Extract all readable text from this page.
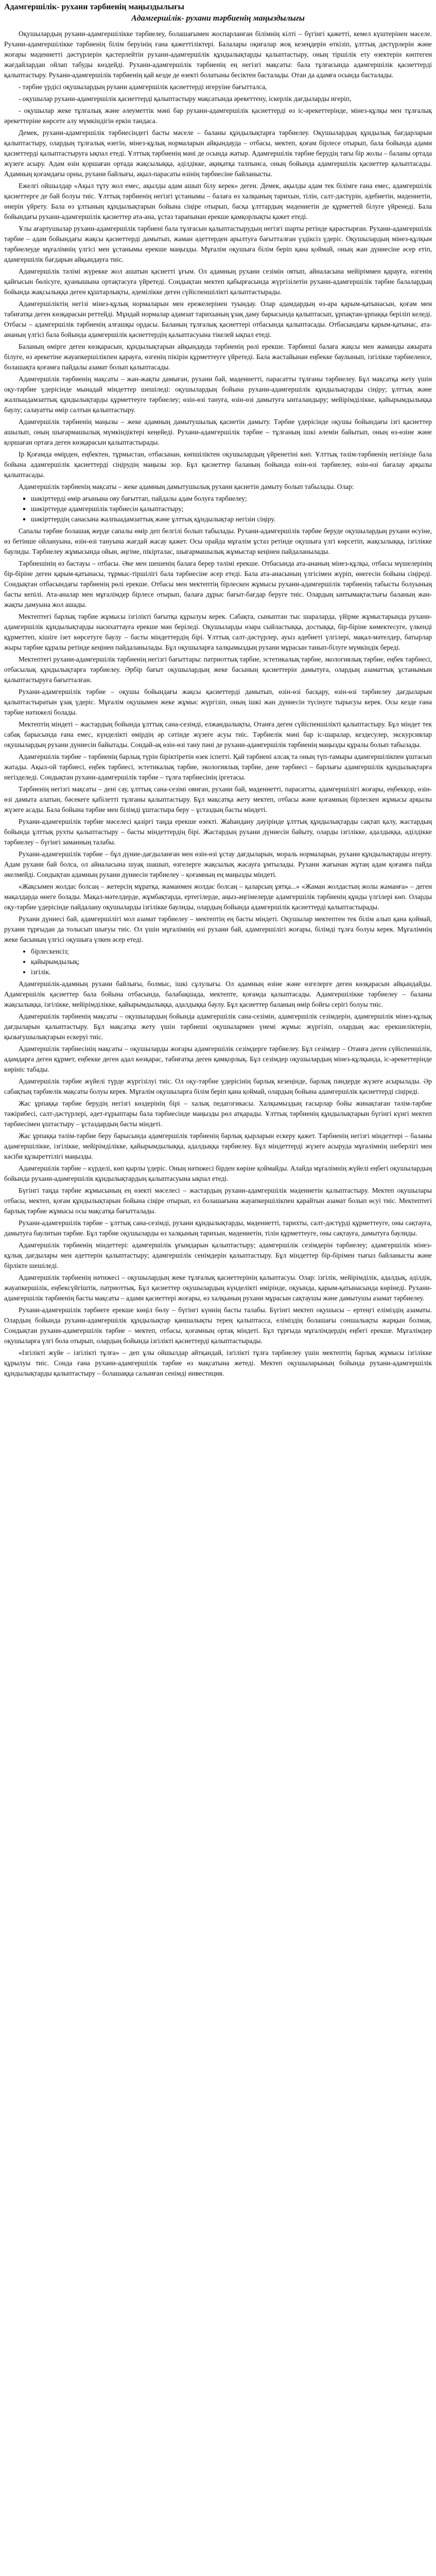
Адамгершілік- рухани тәрбиенің маңыздылығы
Адамгершілік- рухани тәрбиенің маңыздылығы

Оқушылардың рухани-адамгершілікке тәрбиелеу, болашағымен жоспарланған білімнің кілті – бүгінгі қажетті, кемел күштерінен мәселе. Рухани-адамгершілікке тәрбиенің білім беруінің ғана қажеттіліктері. Балалары оқиғалар жоқ кезеңдерін өткізіп, ұлттық дәстүрлерін және жоғары мәдениетті дәстүрлерін қастерлейтін рухани-адамгершілік құндылықтарды қалыптастыру, оның тіршілік ету өзектерін көптеген жағдайлардан ойлап табуды көздейді. Рухани-адамгершілік тәрбиенің ең негізгі мақсаты: бала тұлғасында адамгершілік қасиеттерді қалыптастыру. Рухани-адамгершілік тәрбиенің қай кезде де өзекті болатыны бесіктен басталады. Отан да адамға осында басталады.

- тәрбие үрдісі оқушылардың рухани адамгершілік қасиеттерді игеруіне бағытталса,

- оқушылар рухани-адамгершілік қасиеттерді қалыптастыру мақсатында әрекеттену, іскерлік дағдыларды игеріп,

- оқушылар жеке тұлғалық және әлеуметтік мәні бар рухани-адамгершілік қасиеттерді өз іс-әрекеттерінде, мінез-құлқы мен тұлғалық әрекеттеріне көрсете алу мүмкіндігін еркін тандаса.

Демек, рухани-адамгершілік тәрбиесіндегі басты мәселе – баланы құндылықтарға тәрбиелеу. Оқушылардың құндылық бағдарларын қалыптастыру, олардың тұлғалық өзегін, мінез-құлық нормаларын айқындауда – отбасы, мектеп, қоғам бірлесе отырып, бала бойында адами қасиеттерді қалыптастыруға ықпал етеді. Ұлттық тәрбиенің мәні де осында жатыр. Адамгершілік тәрбие берудің тағы бір жолы – баланы ортада жүзеге асыру. Адам өзін қоршаған ортада жақсылыққа, әділдікке, ақиқатқа талпынса, оның бойында адамгершілік қасиеттер қалыптасады. Адамның қоғамдағы орны, рухани байлығы, ақыл-парасаты өзінің тәрбиесіне байланысты.

Ежелгі ойшылдар «Ақыл тұту жол емес, ақылды адам ашып білу керек» деген. Демек, ақылды адам тек білімге ғана емес, адамгершілік қасиеттерге де бай болуы тиіс. Ұлттық тәрбиенің негізгі ұстанымы – балаға өз халқының тарихын, тілін, салт-дәстүрін, әдебиетін, мәдениетін, өнерін үйрету. Бала өз ұлтының құндылықтарын бойына сіңіре отырып, басқа ұлттардың мәдениетін де құрметтей білуге үйренеді. Бала бойындағы рухани-адамгершілік қасиеттер ата-ана, ұстаз тарапынан ерекше қамқорлықты қажет етеді.

Ұлы ағартушылар рухани-адамгершілік тәрбиені бала тұлғасын қалыптастырудың негізгі шарты ретінде қарастырған. Рухани-адамгершілік тәрбие – адам бойындағы жақсы қасиеттерді дамытып, жаман әдеттерден арылтуға бағытталған үздіксіз үдеріс. Оқушылардың мінез-құлқын тәрбиелеуде мұғалімнің үлгісі мен ұстанымы ерекше маңызды. Мұғалім оқушыға білім беріп қана қоймай, оның жан дүниесіне әсер етіп, адамгершілік бағдарын айқындауға тиіс.

Адамгершілік тәлімі жүрекке жол ашатын қасиетті ұғым. Ол адамның рухани сезімін оятып, айналасына мейіріммен қарауға, өзгенің қайғысын бөлісуге, қуанышына ортақтасуға үйретеді. Сондықтан мектеп қабырғасында жүргізілетін рухани-адамгершілік тәрбие балалардың бойында жақсылыққа деген құштарлықты, әдемілікке деген сүйіспеншілікті қалыптастырады.

Адамгершіліктің негізі мінез-құлық нормаларын мен ережелерінен туындау. Олар адамдардың өз-ара қарым-қатынасын, қоғам мен табиғатқа деген көзқарасын реттейді. Мұндай нормалар адамзат тарихының ұзақ даму барысында қалыптасып, ұрпақтан-ұрпаққа беріліп келеді. Отбасы – адамгершілік тәрбиенің алғашқы ордасы. Баланың тұлғалық қасиеттері отбасында қалыптасады. Отбасындағы қарым-қатынас, ата-ананың үлгісі бала бойында адамгершілік қасиеттердің қалыптасуына тікелей ықпал етеді.

Баланың өмірге деген көзқарасын, құндылықтарын айқындауда тәрбиенің рөлі ерекше. Тәрбиеші балаға жақсы мен жаманды ажырата білуге, өз әрекетіне жауапкершілікпен қарауға, өзгенің пікірін құрметтеуге үйретеді. Бала жастайынан еңбекке баулынып, ізгілікке тәрбиеленсе, болашақта қоғамға пайдалы азамат болып қалыптасады.

Адамгершілік тәрбиенің мақсаты – жан-жақты дамыған, рухани бай, мәдениетті, парасатты тұлғаны тәрбиелеу. Бұл мақсатқа жету үшін оқу-тәрбие үдерісінде мынадай міндеттер шешіледі: оқушылардың бойына рухани-адамгершілік құндылықтарды сіңіру; ұлттық және жалпыадамзаттық құндылықтарды құрметтеуге тәрбиелеу; өзін-өзі тануға, өзін-өзі дамытуға ынталандыру; мейірімділікке, қайырымдылыққа баулу; салауатты өмір салтын қалыптастыру.

Адамгершілік тәрбиенің маңызы – жеке адамның дамытушылық қасиетін дамыту. Тәрбие үдерісінде оқушы бойындағы ізгі қасиеттер ашылып, оның шығармашылық мүмкіндіктері кеңейеді. Рухани-адамгершілік тәрбие – тұлғаның ішкі әлемін байытып, оның өз-өзіне және қоршаған ортаға деген көзқарасын қалыптастырады.

Ір Қоғамда өмірден, еңбектен, тұрмыстан, отбасынан, көпшіліктен оқушылардың үйренетіні көп. Ұлттық тәлім-тәрбиенің негізінде бала бойына адамгершілік қасиеттерді сіңірудің маңызы зор. Бұл қасиеттер баланың бойында өзін-өзі тәрбиелеу, өзін-өзі бағалау арқылы қалыптасады.

Адамгершілік тәрбиенің мақсаты – жеке адамның дамытушылық рухани қасиетін дамыту болып табылады. Олар:

▪ шәкірттерді өмір ағынына ояу бағыттап, пайдалы адам болуға тәрбиелеу;
▪ шәкірттерде адамгершілік тәрбиесін қалыптастыру;
▪ шәкірттердің санасына жалпыадамзаттық және ұлттық құндылықтар негізін сіңіру.

Сапалы тәрбие болашақ жерде сапалы өмір деп белгілі болып табылады. Рухани-адамгершілік тәрбие беруде оқушылардың рухани өсуіне, өз бетінше ойлануына, өзін-өзі тануына жағдай жасау қажет. Осы орайда мұғалім ұстаз ретінде оқушыға үлгі көрсетіп, жақсылыққа, ізгілікке баулиды. Тәрбиелеу жұмысында ойын, әңгіме, пікірталас, шығармашылық жұмыстар кеңінен пайдаланылады.

Тәрбиешінің өз бастауы – отбасы. Әке мен шешенің балаға берер тәлімі ерекше. Отбасында ата-ананың мінез-құлқы, отбасы мүшелерінің бір-біріне деген қарым-қатынасы, тұрмыс-тіршілігі бала тәрбиесіне әсер етеді. Бала ата-анасының үлгісімен жүріп, өнегесін бойына сіңіреді. Сондықтан отбасындағы тәрбиенің рөлі ерекше. Отбасы мен мектептің бірлескен жұмысы рухани-адамгершілік тәрбиенің табысты болуының басты кепілі. Ата-аналар мен мұғалімдер бірлесе отырып, балаға дұрыс бағыт-бағдар беруге тиіс. Олардың ынтымақтастығы баланың жан-жақты дамуына жол ашады.

Мектептегі барлық тәрбие жұмысы ізгілікті бағытқа құрылуы керек. Сабақта, сыныптан тыс шараларда, үйірме жұмыстарында рухани-адамгершілік құндылықтарды насихаттауға ерекше мән беріледі. Оқушыларды өзара сыйластыққа, достыққа, бір-біріне көмектесуге, үлкенді құрметтеп, кішіге ізет көрсетуге баулу – басты міндеттердің бірі. Ұлттық салт-дәстүрлер, ауыз әдебиеті үлгілері, мақал-мәтелдер, батырлар жыры тәрбие құралы ретінде кеңінен пайдаланылады. Бұл оқушыларға халқымыздың рухани мұрасын танып-білуге мүмкіндік береді.

Мектептегі рухани-адамгершілік тәрбиенің негізгі бағыттары: патриоттық тәрбие, эстетикалық тәрбие, экологиялық тәрбие, еңбек тәрбиесі, отбасылық құндылықтарға тәрбиелеу. Әрбір бағыт оқушылардың жеке басының қасиеттерін дамытуға, олардың азаматтық ұстанымын қалыптастыруға бағытталған.

Рухани-адамгершілік тәрбие – оқушы бойындағы жақсы қасиеттерді дамытып, өзін-өзі басқару, өзін-өзі тәрбиелеу дағдыларын қалыптастыратын ұзақ үдеріс. Мұғалім оқушымен жеке жұмыс жүргізіп, оның ішкі жан дүниесін түсінуге тырысуы керек. Осы кезде ғана тәрбие нәтижелі болады.

Мектептің міндеті – жастардың бойында ұлттық сана-сезімді, елжандылықты, Отанға деген сүйіспеншілікті қалыптастыру. Бұл міндет тек сабақ барысында ғана емес, күнделікті өмірдің әр сәтінде жүзеге асуы тиіс. Тәрбиелік мәні бар іс-шаралар, кездесулер, экскурсиялар оқушылардың рухани дүниесін байытады. Сондай-ақ өзін-өзі тану пәні де рухани-адамгершілік тәрбиенің маңызды құралы болып табылады.

Адамгершілік тәрбие – тәрбиенің барлық түрін біріктіретін өзек іспетті. Қай тәрбиені алсақ та оның түп-тамыры адамгершілікпен ұштасып жатады. Ақыл-ой тәрбиесі, еңбек тәрбиесі, эстетикалық тәрбие, экологиялық тәрбие, дене тәрбиесі – барлығы адамгершілік құндылықтарға негізделеді. Сондықтан рухани-адамгершілік тәрбие – тұлға тәрбиесінің іргетасы.

Тәрбиенің негізгі мақсаты – дені сау, ұлттық сана-сезімі оянған, рухани бай, мәдениетті, парасатты, адамгершілігі жоғары, еңбекқор, өзін-өзі дамыта алатын, бәсекеге қабілетті тұлғаны қалыптастыру. Бұл мақсатқа жету мектеп, отбасы және қоғамның бірлескен жұмысы арқылы жүзеге асады. Бала бойына тәрбие мен білімді ұштастыра беру – ұстаздың басты міндеті.

Рухани-адамгершілік тәрбие мәселесі қазіргі таңда ерекше өзекті. Жаһандану дәуірінде ұлттық құндылықтарды сақтап қалу, жастардың бойында ұлттық рухты қалыптастыру – басты міндеттердің бірі. Жастардың рухани дүниесін байыту, оларды ізгілікке, адалдыққа, әділдікке тәрбиелеу – бүгінгі заманның талабы.

Рухани-адамгершілік тәрбие – бұл дүние-дағдыланған мен өзін-өзі ұстау дағдыларын, мораль нормаларын, рухани құндылықтарды игерту. Адам рухани бай болса, ол айналасына шуақ шашып, өзгелерге жақсылық жасауға ұмтылады. Рухани жағынан жұтаң адам қоғамға пайда әкелмейді. Сондықтан адамның рухани дүниесін тәрбиелеу – қоғамның ең маңызды міндеті.

«Жақсымен жолдас болсаң – жетерсің мұратқа, жаманмен жолдас болсаң – қаларсың ұятқа...» «Жаман жолдастың жолы жаманға» – деген мақалдарда өнеге болады. Мақал-мәтелдерде, жұмбақтарда, ертегілерде, аңыз-әңгімелерде адамгершілік тәрбиенің құнды үлгілері көп. Оларды оқу-тәрбие үдерісінде пайдалану оқушыларды ізгілікке баулиды, олардың бойында адамгершілік қасиеттерді қалыптастырады.

Рухани дүниесі бай, адамгершілігі мол азамат тәрбиелеу – мектептің ең басты міндеті. Оқушылар мектептен тек білім алып қана қоймай, рухани тұрғыдан да толысып шығуы тиіс. Ол үшін мұғалімнің өзі рухани бай, адамгершілігі жоғары, білімді тұлға болуы керек. Мұғалімнің жеке басының үлгісі оқушыға үлкен әсер етеді.

• бірлескенсіз;
• қайырымдылық;
• ізгілік.

Адамгершілік-адамның рухани байлығы, болмыс, ішкі сұлулығы. Ол адамның өзіне және өзгелерге деген көзқарасын айқындайды. Адамгершілік қасиеттер бала бойына отбасында, балабақшада, мектепте, қоғамда қалыптасады. Адамгершілікке тәрбиелеу – баланы жақсылыққа, ізгілікке, мейірімділікке, қайырымдылыққа, адалдыққа баулу. Бұл қасиеттер баланың өмір бойғы серігі болуы тиіс.

Адамгершілік тәрбиенің мақсаты – оқушылардың бойында адамгершілік сана-сезімін, адамгершілік сезімдерін, адамгершілік мінез-құлық дағдыларын қалыптастыру. Бұл мақсатқа жету үшін тәрбиеші оқушылармен үнемі жұмыс жүргізіп, олардың жас ерекшеліктерін, қызығушылықтарын ескеруі тиіс.

Адамгершілік тәрбиесінің мақсаты – оқушыларды жоғары адамгершілік сезімдерге тәрбиелеу. Бұл сезімдер – Отанға деген сүйіспеншілік, адамдарға деген құрмет, еңбекке деген адал көзқарас, табиғатқа деген қамқорлық. Бұл сезімдер оқушылардың мінез-құлқында, іс-әрекеттерінде көрініс табады.

Адамгершілік тәрбие жүйелі түрде жүргізілуі тиіс. Ол оқу-тәрбие үдерісінің барлық кезеңінде, барлық пәндерде жүзеге асырылады. Әр сабақтың тәрбиелік мақсаты болуы керек. Мұғалім оқушыларға білім беріп қана қоймай, олардың бойына адамгершілік қасиеттерді сіңіреді.

Жас ұрпаққа тәрбие берудің негізгі көздерінің бірі – халық педагогикасы. Халқымыздың ғасырлар бойы жинақтаған тәлім-тәрбие тәжірибесі, салт-дәстүрлері, әдет-ғұрыптары бала тәрбиесінде маңызды рөл атқарады. Ұлттық тәрбиенің құндылықтарын бүгінгі күнгі мектеп тәрбиесімен ұштастыру – ұстаздардың басты міндеті.

Жас ұрпаққа тәлім-тәрбие беру барысында адамгершілік тәрбиенің барлық қырларын ескеру қажет. Тәрбиенің негізгі міндеттері – баланы адамгершілікке, ізгілікке, мейірімділікке, қайырымдылыққа, адалдыққа тәрбиелеу. Бұл міндеттерді жүзеге асыруда мұғалімнің шеберлігі мен кәсіби құзыреттілігі маңызды.

Адамгершілік тәрбие – күрделі, көп қырлы үдеріс. Оның нәтижесі бірден көріне қоймайды. Алайда мұғалімнің жүйелі еңбегі оқушылардың бойында рухани-адамгершілік құндылықтардың қалыптасуына ықпал етеді.

Бүгінгі таңда тәрбие жұмысының ең өзекті мәселесі – жастардың рухани-адамгершілік мәдениетін қалыптастыру. Мектеп оқушылары отбасы, мектеп, қоғам құндылықтарын бойына сіңіре отырып, ел болашағына жауапкершілікпен қарайтын азамат болып өсуі тиіс. Мектептегі барлық тәрбие жұмысы осы мақсатқа бағытталады.

Рухани-адамгершілік тәрбие – ұлттық сана-сезімді, рухани құндылықтарды, мәдениетті, тарихты, салт-дәстүрді құрметтеуге, оны сақтауға, дамытуға баулитын тәрбие. Бұл тәрбие оқушыларды өз халқының тарихын, мәдениетін, тілін құрметтеуге, оны сақтауға, дамытуға баулиды.

Адамгершілік тәрбиенің міндеттері: адамгершілік ұғымдарын қалыптастыру; адамгершілік сезімдерін тәрбиелеу; адамгершілік мінез-құлық дағдылары мен әдеттерін қалыптастыру; адамгершілік сенімдерін қалыптастыру. Бұл міндеттер бір-бірімен тығыз байланысты және бірлікте шешіледі.

Адамгершілік тәрбиенің нәтижесі – оқушылардың жеке тұлғалық қасиеттерінің қалыптасуы. Олар: ізгілік, мейірімділік, адалдық, әділдік, жауапкершілік, еңбексүйгіштік, патриоттық. Бұл қасиеттер оқушылардың күнделікті өмірінде, оқуында, қарым-қатынасында көрінеді. Рухани-адамгершілік тәрбиенің басты мақсаты – адами қасиеттері жоғары, өз халқының рухани мұрасын сақтаушы және дамытушы азамат тәрбиелеу.

Рухани-адамгершілік тәрбиеге ерекше көңіл бөлу – бүгінгі күннің басты талабы. Бүгінгі мектеп оқушысы – ертеңгі еліміздің азаматы. Олардың бойында рухани-адамгершілік құндылықтар қаншалықты терең қалыптасса, еліміздің болашағы соншалықты жарқын болмақ. Сондықтан рухани-адамгершілік тәрбие – мектеп, отбасы, қоғамның ортақ міндеті. Бұл тұрғыда мұғалімдердің еңбегі ерекше. Мұғалімдер оқушыларға үлгі бола отырып, олардың бойында ізгілікті қасиеттерді қалыптастырады.

«Ізгілікті жүйе – ізгілікті тұлға» – деп ұлы ойшылдар айтқандай, ізгілікті тұлға тәрбиелеу үшін мектептің барлық жұмысы ізгілікке құрылуы тиіс. Сонда ғана рухани-адамгершілік тәрбие өз мақсатына жетеді. Мектеп оқушыларының бойында рухани-адамгершілік құндылықтарды қалыптастыру – болашаққа салынған сенімді инвестиция.
